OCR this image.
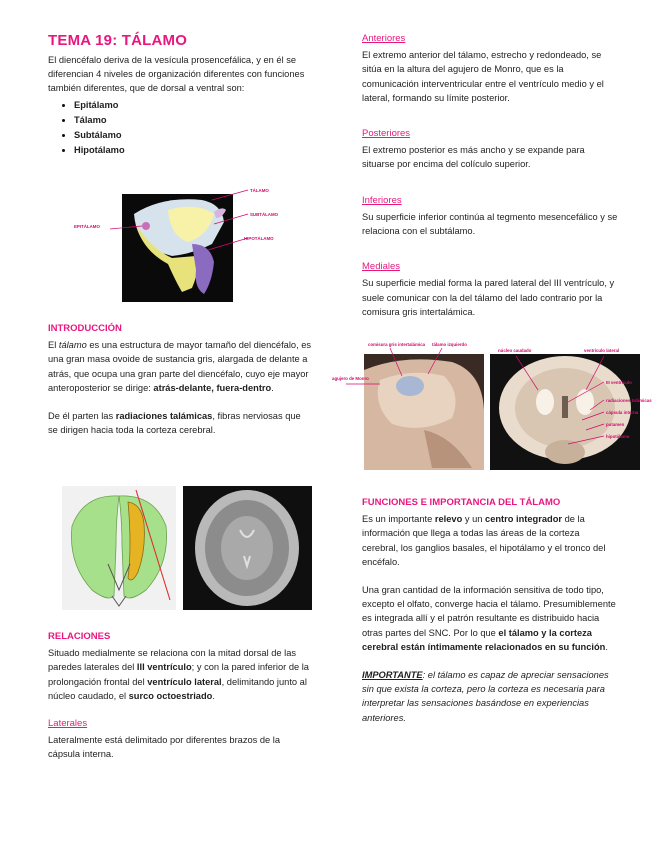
TEMA 19: TÁLAMO

El diencéfalo deriva de la vesícula prosencefálica, y en él se diferencian 4 niveles de organización diferentes con funciones también diferentes, que de dorsal a ventral son:

• Epitálamo
• Tálamo
• Subtálamo
• Hipotálamo
TÁLAMO
SUBTÁLAMO
HIPOTÁLAMO
EPITÁLAMO

INTRODUCCIÓN

El tálamo es una estructura de mayor tamaño del diencéfalo, es una gran masa ovoide de sustancia gris, alargada de delante a atrás, que ocupa una gran parte del diencéfalo, cuyo eje mayor anteroposterior se dirige: atrás-delante, fuera-dentro.

De él parten las radiaciones talámicas, fibras nerviosas que se dirigen hacia toda la corteza cerebral.

RELACIONES

Situado medialmente se relaciona con la mitad dorsal de las paredes laterales del III ventrículo; y con la pared inferior de la prolongación frontal del ventrículo lateral, delimitando junto al núcleo caudado, el surco octoestriado.

Laterales

Lateralmente está delimitado por diferentes brazos de la cápsula interna.

Anteriores

El extremo anterior del tálamo, estrecho y redondeado, se sitúa en la altura del agujero de Monro, que es la comunicación interventricular entre el ventrículo medio y el lateral, formando su límite posterior.

Posteriores

El extremo posterior es más ancho y se expande para situarse por encima del colículo superior.

Inferiores

Su superficie inferior continúa al tegmento mesencefálico y se relaciona con el subtálamo.

Mediales

Su superficie medial forma la pared lateral del III ventrículo, y suele comunicar con la del tálamo del lado contrario por la comisura gris intertalámica.

comisura gris intertalámica tálamo izquierdo
agujero de Monro
núcleo caudado	ventrículo lateral
III ventrículo
radiaciones talámicas
cápsula interna
putamen
hipotálamo

FUNCIONES E IMPORTANCIA DEL TÁLAMO

Es un importante relevo y un centro integrador de la información que llega a todas las áreas de la corteza cerebral, los ganglios basales, el hipotálamo y el tronco del encéfalo.

Una gran cantidad de la información sensitiva de todo tipo, excepto el olfato, converge hacia el tálamo. Presumiblemente es integrada allí y el patrón resultante es distribuido hacia otras partes del SNC. Por lo que el tálamo y la corteza cerebral están íntimamente relacionados en su función.

IMPORTANTE: el tálamo es capaz de apreciar sensaciones sin que exista la corteza, pero la corteza es necesaria para interpretar las sensaciones basándose en experiencias anteriores.
